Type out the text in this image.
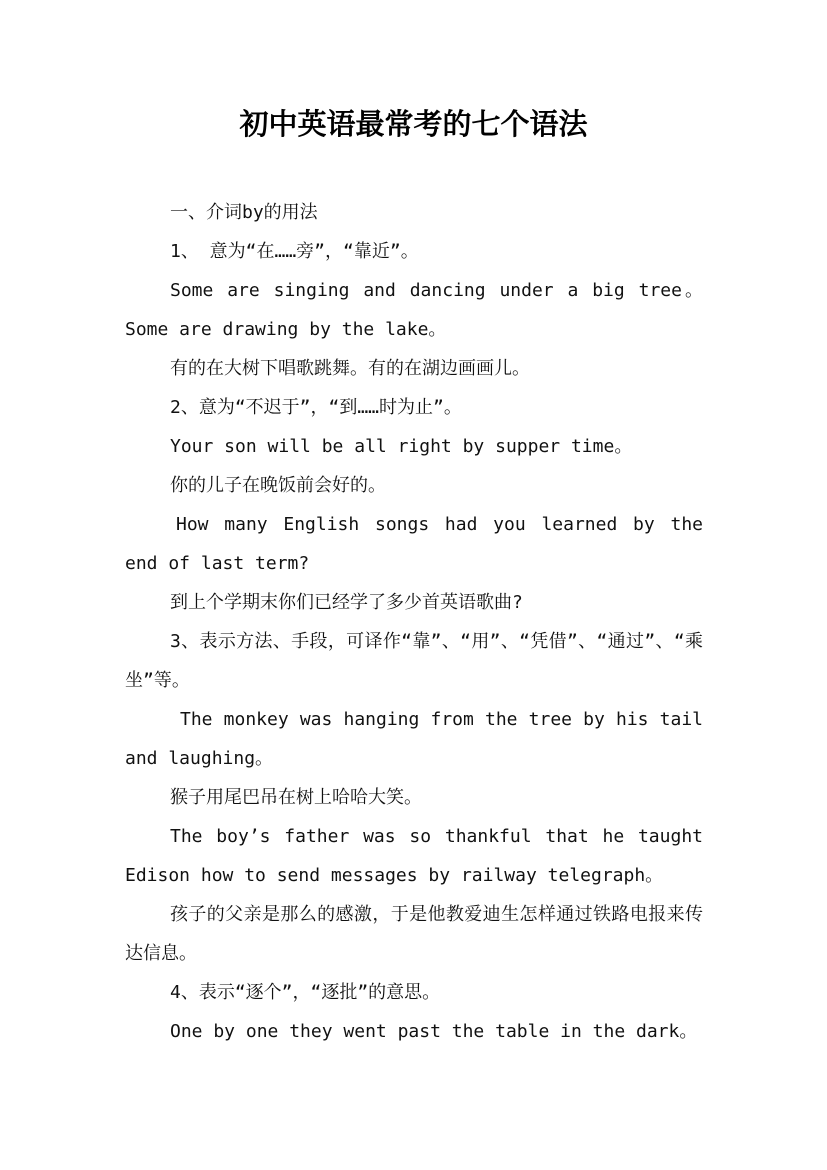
初中英语最常考的七个语法

一、介词by的用法

1、 意为“在……旁”，“靠近”。

Some are singing and dancing under a big tree。Some are drawing by the lake。

有的在大树下唱歌跳舞。有的在湖边画画儿。

2、意为“不迟于”，“到……时为止”。

Your son will be all right by supper time。

你的儿子在晚饭前会好的。

How many English songs had you learned by the end of last term?

到上个学期末你们已经学了多少首英语歌曲?

3、表示方法、手段，可译作“靠”、“用”、“凭借”、“通过”、“乘坐”等。

The monkey was hanging from the tree by his tail and laughing。

猴子用尾巴吊在树上哈哈大笑。

The boy’s father was so thankful that he taught Edison how to send messages by railway telegraph。

孩子的父亲是那么的感激，于是他教爱迪生怎样通过铁路电报来传达信息。

4、表示“逐个”，“逐批”的意思。

One by one they went past the table in the dark。
